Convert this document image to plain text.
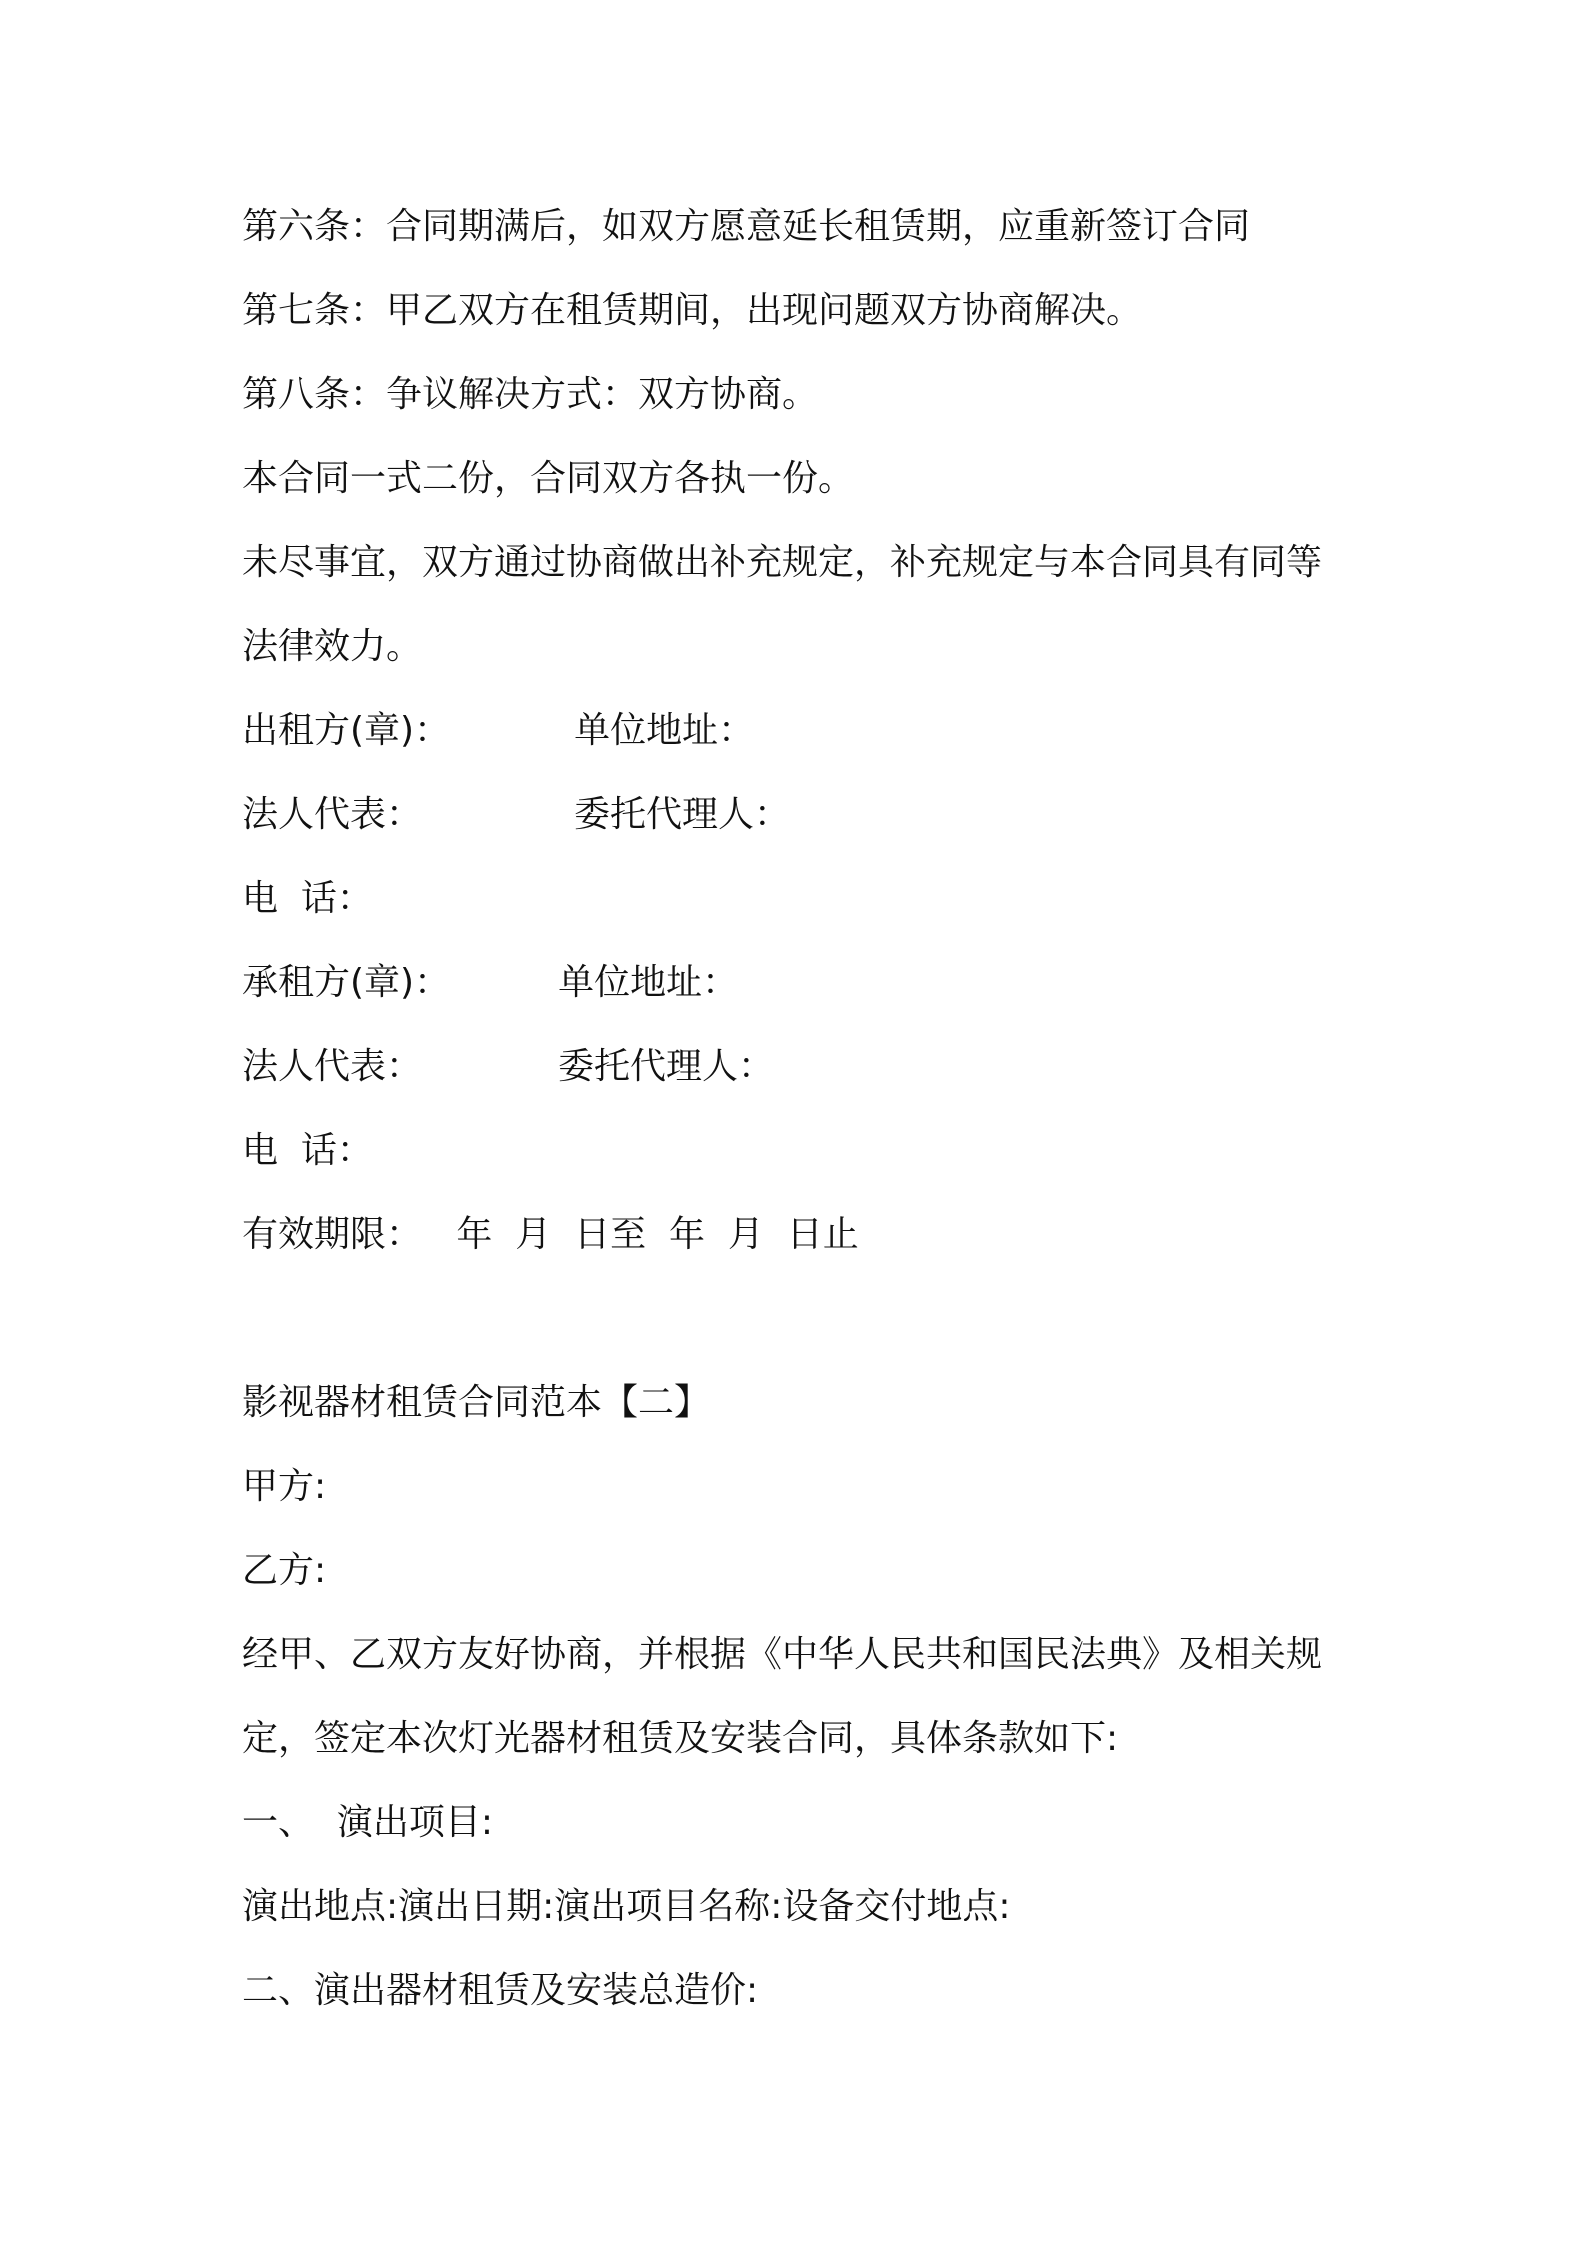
第六条：合同期满后，如双方愿意延长租赁期，应重新签订合同
第七条：甲乙双方在租赁期间，出现问题双方协商解决。
第八条：争议解决方式：双方协商。
本合同一式二份，合同双方各执一份。
未尽事宜，双方通过协商做出补充规定，补充规定与本合同具有同等
法律效力。
出租方(章)：	单位地址：
法人代表：	委托代理人：
电  话：
承租方(章)：	单位地址：
法人代表：	委托代理人：
电  话：
有效期限：   年  月  日至  年  月  日止
影视器材租赁合同范本【二】
甲方:
乙方:
经甲、乙双方友好协商，并根据《中华人民共和国民法典》及相关规
定，签定本次灯光器材租赁及安装合同，具体条款如下:
一、  演出项目:
演出地点:演出日期:演出项目名称:设备交付地点:
二、演出器材租赁及安装总造价:
